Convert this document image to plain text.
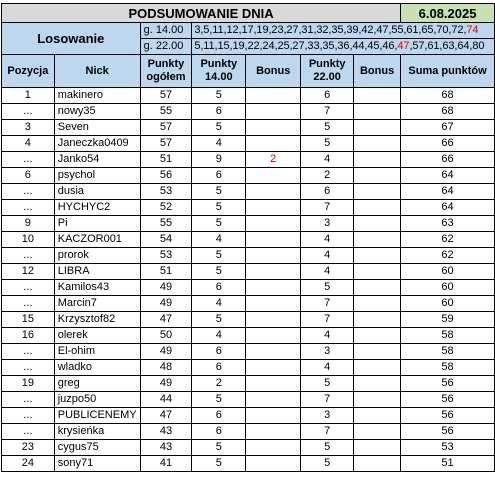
PODSUMOWANIE DNIA							6.08.2025
Losowanie		g. 14.00	3,5,11,12,17,19,23,27,31,32,35,39,42,47,55,61,65,70,72,74				
		g. 22.00	5,11,15,19,22,24,25,27,33,35,36,44,45,46,47,57,61,63,64,80				
Pozycja	Nick	Punkty ogółem	Punkty 14.00	Bonus	Punkty 22.00	Bonus	Suma punktów
1	makinero	57	5		6		68
...	nowy35	55	6		7		68
3	Seven	57	5		5		67
4	Janeczka0409	57	4		5		66
...	Janko54	51	9	2	4		66
6	psychol	56	6		2		64
...	dusia	53	5		6		64
...	HYCHYC2	52	5		7		64
9	Pi	55	5		3		63
10	KACZOR001	54	4		4		62
...	prorok	53	5		4		62
12	LIBRA	51	5		4		60
...	Kamilos43	49	6		5		60
...	Marcin7	49	4		7		60
15	Krzysztof82	47	5		7		59
16	olerek	50	4		4		58
...	El-ohim	49	6		3		58
...	wladko	48	6		4		58
19	greg	49	2		5		56
...	juzpo50	44	5		7		56
...	PUBLICENEMY	47	6		3		56
...	krysieńka	43	6		7		56
23	cygus75	43	5		5		53
24	sony71	41	5		5		51
